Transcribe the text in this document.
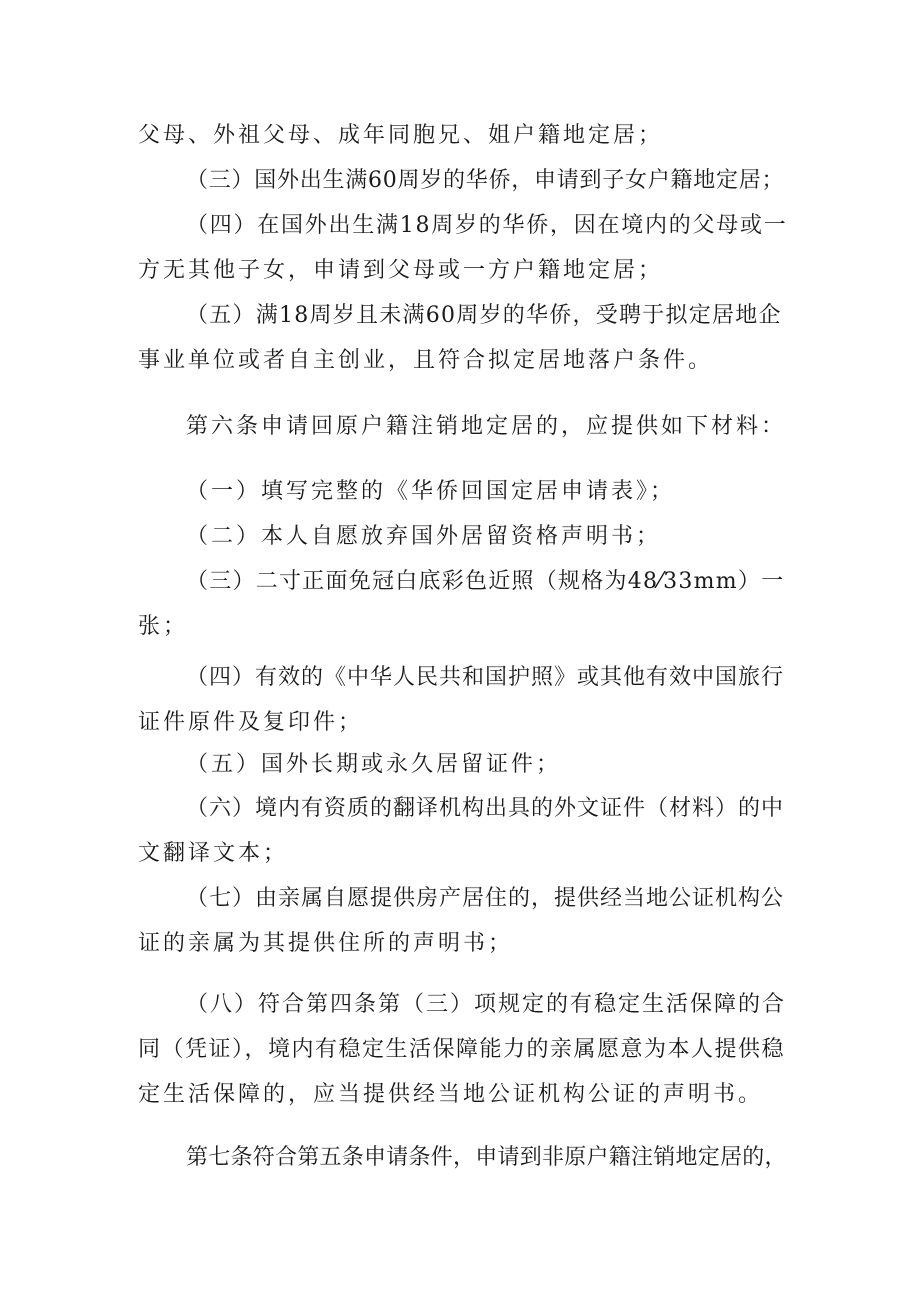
父母、外祖父母、成年同胞兄、姐户籍地定居；
（三）国外出生满60周岁的华侨，申请到子女户籍地定居；
（四）在国外出生满18周岁的华侨，因在境内的父母或一
方无其他子女，申请到父母或一方户籍地定居；
（五）满18周岁且未满60周岁的华侨，受聘于拟定居地企
事业单位或者自主创业，且符合拟定居地落户条件。
第六条申请回原户籍注销地定居的，应提供如下材料：
（一）填写完整的《华侨回国定居申请表》；
（二）本人自愿放弃国外居留资格声明书；
（三）二寸正面免冠白底彩色近照（规格为48⁄33mm）一
张；
（四）有效的《中华人民共和国护照》或其他有效中国旅行
证件原件及复印件；
（五）国外长期或永久居留证件；
（六）境内有资质的翻译机构出具的外文证件（材料）的中
文翻译文本；
（七）由亲属自愿提供房产居住的，提供经当地公证机构公
证的亲属为其提供住所的声明书；
（八）符合第四条第（三）项规定的有稳定生活保障的合
同（凭证），境内有稳定生活保障能力的亲属愿意为本人提供稳
定生活保障的，应当提供经当地公证机构公证的声明书。
第七条符合第五条申请条件，申请到非原户籍注销地定居的，
